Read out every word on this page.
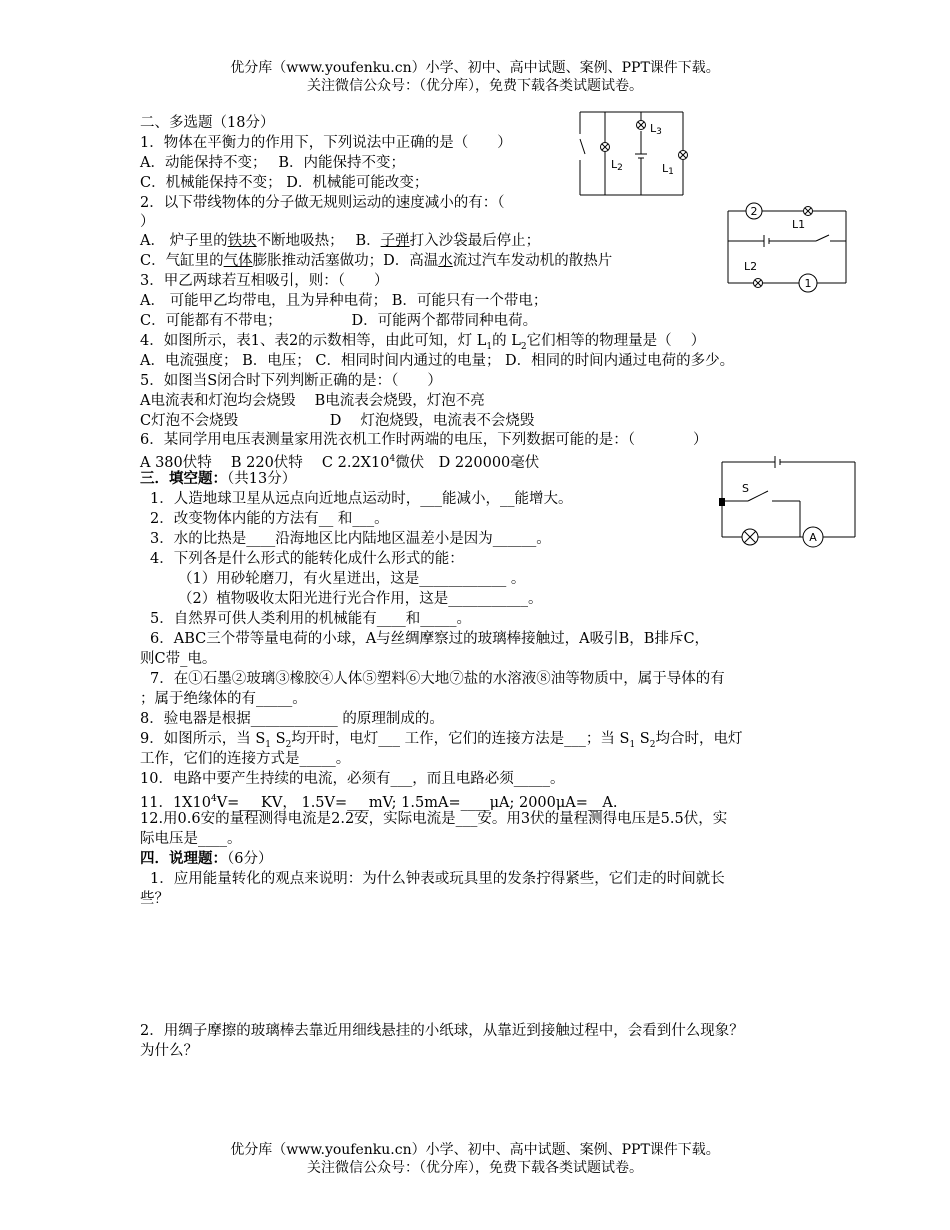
优分库（www.youfenku.cn）小学、初中、高中试题、案例、PPT课件下载。
关注微信公众号：（优分库），免费下载各类试题试卷。
二、多选题（18分）
1．物体在平衡力的作用下，下列说法中正确的是（　　）
A．动能保持不变；　 B．内能保持不变；
C．机械能保持不变； D．机械能可能改变；
2．以下带线物体的分子做无规则运动的速度减小的有：（
）
A． 炉子里的铁块不断地吸热；　 B．子弹打入沙袋最后停止；
C．气缸里的气体膨胀推动活塞做功；D．高温水流过汽车发动机的散热片
3．甲乙两球若互相吸引，则：（　　）
A． 可能甲乙均带电，且为异种电荷； B．可能只有一个带电；
C．可能都有不带电；　　　　　 D．可能两个都带同种电荷。
4．如图所示，表1、表2的示数相等，由此可知，灯 $L_1$的 $L_2$它们相等的物理量是（　 ）
A．电流强度； B．电压； C．相同时间内通过的电量； D．相同的时间内通过电荷的多少。
5．如图当S闭合时下列判断正确的是：（　　）
A电流表和灯泡均会烧毁　 B电流表会烧毁，灯泡不亮
C灯泡不会烧毁　　　　　　 D　 灯泡烧毁，电流表不会烧毁
6．某同学用电压表测量家用洗衣机工作时两端的电压，下列数据可能的是：（　　　　）
A 380伏特　 B 220伏特　 C $2.2X10^4$微伏　D 220000毫伏
三．填空题：（共13分）
1．人造地球卫星从远点向近地点运动时，___能减小，__能增大。
2．改变物体内能的方法有__ 和___。
3．水的比热是____沿海地区比内陆地区温差小是因为______。
4．下列各是什么形式的能转化成什么形式的能：
（1）用砂轮磨刀，有火星迸出，这是____________ 。
（2）植物吸收太阳光进行光合作用，这是___________。
5．自然界可供人类利用的机械能有____和_____。
6．ABC三个带等量电荷的小球，A与丝绸摩察过的玻璃棒接触过，A吸引B，B排斥C，
则C带_电。
7．在①石墨②玻璃③橡胶④人体⑤塑料⑥大地⑦盐的水溶液⑧油等物质中，属于导体的有
；属于绝缘体的有_____。
8．验电器是根据____________ 的原理制成的。
9．如图所示，当 $S_1$ $S_2$均开时，电灯___ 工作，它们的连接方法是___；当 $S_1$ $S_2$均合时，电灯
工作，它们的连接方式是_____。
10．电路中要产生持续的电流，必须有___，而且电路必须_____。
11．$1X10^4V=\_\_\_KV$， 1.5V=___mV; 1.5mA=____μA; 2000μA=__A.
12.用0.6安的量程测得电流是2.2安，实际电流是___安。用3伏的量程测得电压是5.5伏，实
际电压是____。
四．说理题：（6分）
1．应用能量转化的观点来说明：为什么钟表或玩具里的发条拧得紧些，它们走的时间就长
些？
2．用绸子摩擦的玻璃棒去靠近用细线悬挂的小纸球，从靠近到接触过程中，会看到什么现象？
为什么？
优分库（www.youfenku.cn）小学、初中、高中试题、案例、PPT课件下载。
关注微信公众号：（优分库），免费下载各类试题试卷。
L3
L2	L1
2
1
L1
L2
S
A
